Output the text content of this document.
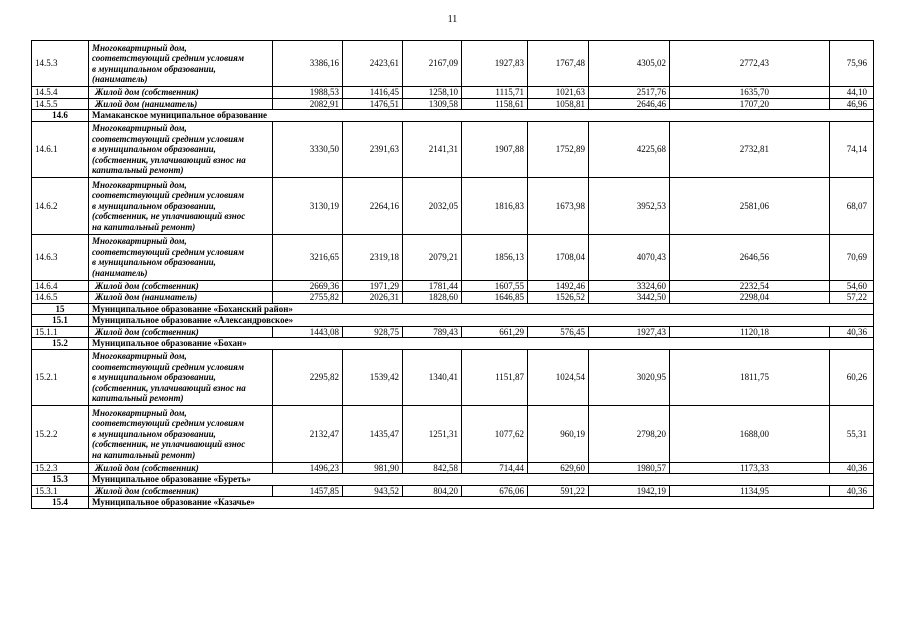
11
14.5.3	Многоквартирный дом,
соответствующий средним условиям
в муниципальном образовании,
(наниматель)	3386,16	2423,61	2167,09	1927,83	1767,48	4305,02	2772,43	75,96
14.5.4	Жилой дом (собственник)	1988,53	1416,45	1258,10	1115,71	1021,63	2517,76	1635,70	44,10
14.5.5	Жилой дом (наниматель)	2082,91	1476,51	1309,58	1158,61	1058,81	2646,46	1707,20	46,96
14.6	Мамаканское муниципальное образование								
14.6.1	Многоквартирный дом,
соответствующий средним условиям
в муниципальном образовании,
(собственник, уплачивающий взнос на
капитальный ремонт)	3330,50	2391,63	2141,31	1907,88	1752,89	4225,68	2732,81	74,14
14.6.2	Многоквартирный дом,
соответствующий средним условиям
в муниципальном образовании,
(собственник, не уплачивающий взнос
на капитальный ремонт)	3130,19	2264,16	2032,05	1816,83	1673,98	3952,53	2581,06	68,07
14.6.3	Многоквартирный дом,
соответствующий средним условиям
в муниципальном образовании,
(наниматель)	3216,65	2319,18	2079,21	1856,13	1708,04	4070,43	2646,56	70,69
14.6.4	Жилой дом (собственник)	2669,36	1971,29	1781,44	1607,55	1492,46	3324,60	2232,54	54,60
14.6.5	Жилой дом (наниматель)	2755,82	2026,31	1828,60	1646,85	1526,52	3442,50	2298,04	57,22
15	Муниципальное образование «Боханский район»								
15.1	Муниципальное образование «Александровское»								
15.1.1	Жилой дом (собственник)	1443,08	928,75	789,43	661,29	576,45	1927,43	1120,18	40,36
15.2	Муниципальное образование «Бохан»								
15.2.1	Многоквартирный дом,
соответствующий средним условиям
в муниципальном образовании,
(собственник, уплачивающий взнос на
капитальный ремонт)	2295,82	1539,42	1340,41	1151,87	1024,54	3020,95	1811,75	60,26
15.2.2	Многоквартирный дом,
соответствующий средним условиям
в муниципальном образовании,
(собственник, не уплачивающий взнос
на капитальный ремонт)	2132,47	1435,47	1251,31	1077,62	960,19	2798,20	1688,00	55,31
15.2.3	Жилой дом (собственник)	1496,23	981,90	842,58	714,44	629,60	1980,57	1173,33	40,36
15.3	Муниципальное образование «Буреть»								
15.3.1	Жилой дом (собственник)	1457,85	943,52	804,20	676,06	591,22	1942,19	1134,95	40,36
15.4	Муниципальное образование «Казачье»								
